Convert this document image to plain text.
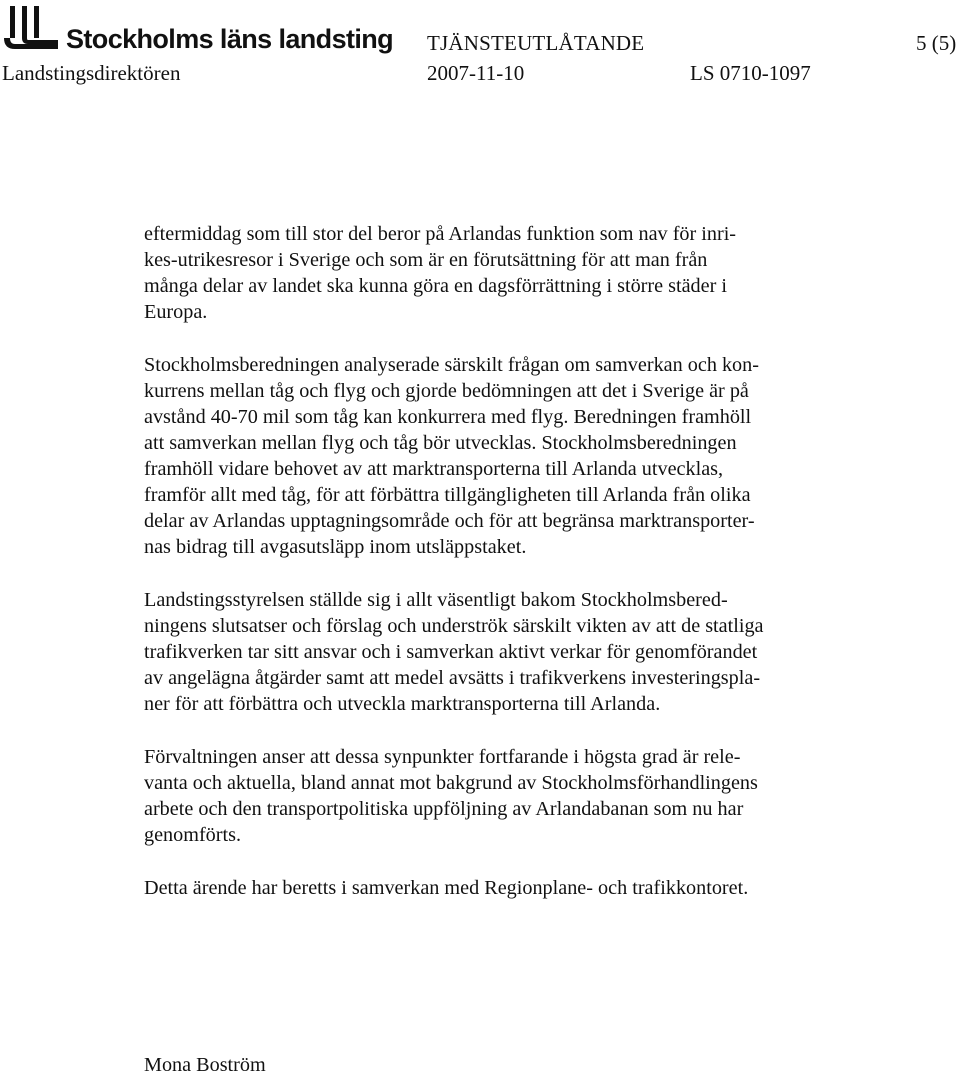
Stockholms läns landsting TJÄNSTEUTLÅTANDE	5 (5)
Landstingsdirektören	2007-11-10	LS 0710-1097

eftermiddag som till stor del beror på Arlandas funktion som nav för inri-
kes-utrikesresor i Sverige och som är en förutsättning för att man från
många delar av landet ska kunna göra en dagsförrättning i större städer i
Europa.

Stockholmsberedningen analyserade särskilt frågan om samverkan och kon-
kurrens mellan tåg och flyg och gjorde bedömningen att det i Sverige är på
avstånd 40-70 mil som tåg kan konkurrera med flyg. Beredningen framhöll
att samverkan mellan flyg och tåg bör utvecklas. Stockholmsberedningen
framhöll vidare behovet av att marktransporterna till Arlanda utvecklas,
framför allt med tåg, för att förbättra tillgängligheten till Arlanda från olika
delar av Arlandas upptagningsområde och för att begränsa marktransporter-
nas bidrag till avgasutsläpp inom utsläppstaket.

Landstingsstyrelsen ställde sig i allt väsentligt bakom Stockholmsbered-
ningens slutsatser och förslag och underströk särskilt vikten av att de statliga
trafikverken tar sitt ansvar och i samverkan aktivt verkar för genomförandet
av angelägna åtgärder samt att medel avsätts i trafikverkens investeringspla-
ner för att förbättra och utveckla marktransporterna till Arlanda.

Förvaltningen anser att dessa synpunkter fortfarande i högsta grad är rele-
vanta och aktuella, bland annat mot bakgrund av Stockholmsförhandlingens
arbete och den transportpolitiska uppföljning av Arlandabanan som nu har
genomförts.

Detta ärende har beretts i samverkan med Regionplane- och trafikkontoret.

Mona Boström
